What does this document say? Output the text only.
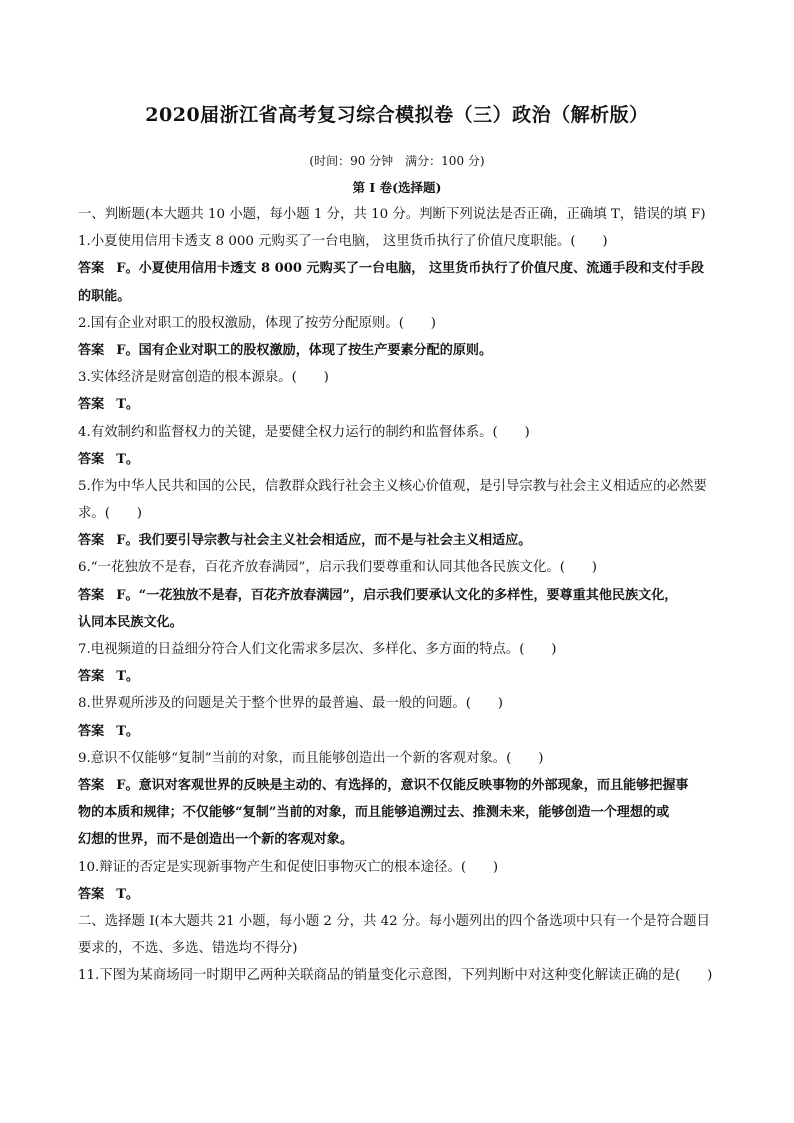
2020届浙江省高考复习综合模拟卷（三）政治（解析版）
(时间：90 分钟　满分：100 分)
第 I 卷(选择题)
一、判断题(本大题共 10 小题，每小题 1 分，共 10 分。判断下列说法是否正确，正确填 T，错误的填 F)
1.小夏使用信用卡透支 8 000 元购买了一台电脑， 这里货币执行了价值尺度职能。(　　)
答案 F。小夏使用信用卡透支 8 000 元购买了一台电脑， 这里货币执行了价值尺度、流通手段和支付手段
的职能。
2.国有企业对职工的股权激励，体现了按劳分配原则。(　　)
答案 F。国有企业对职工的股权激励，体现了按生产要素分配的原则。
3.实体经济是财富创造的根本源泉。(　　)
答案 T。
4.有效制约和监督权力的关键，是要健全权力运行的制约和监督体系。(　　)
答案 T。
5.作为中华人民共和国的公民，信教群众践行社会主义核心价值观，是引导宗教与社会主义相适应的必然要
求。(　　)
答案 F。我们要引导宗教与社会主义社会相适应，而不是与社会主义相适应。
6.“一花独放不是春，百花齐放春满园”，启示我们要尊重和认同其他各民族文化。(　　)
答案 F。“一花独放不是春，百花齐放春满园”，启示我们要承认文化的多样性，要尊重其他民族文化，
认同本民族文化。
7.电视频道的日益细分符合人们文化需求多层次、多样化、多方面的特点。(　　)
答案 T。
8.世界观所涉及的问题是关于整个世界的最普遍、最一般的问题。(　　)
答案 T。
9.意识不仅能够“复制”当前的对象，而且能够创造出一个新的客观对象。(　　)
答案 F。意识对客观世界的反映是主动的、有选择的，意识不仅能反映事物的外部现象，而且能够把握事
物的本质和规律；不仅能够“复制”当前的对象，而且能够追溯过去、推测未来，能够创造一个理想的或
幻想的世界，而不是创造出一个新的客观对象。
10.辩证的否定是实现新事物产生和促使旧事物灭亡的根本途径。(　　)
答案 T。
二、选择题 I(本大题共 21 小题，每小题 2 分，共 42 分。每小题列出的四个备选项中只有一个是符合题目
要求的，不选、多选、错选均不得分)
11.下图为某商场同一时期甲乙两种关联商品的销量变化示意图，下列判断中对这种变化解读正确的是(　　)
